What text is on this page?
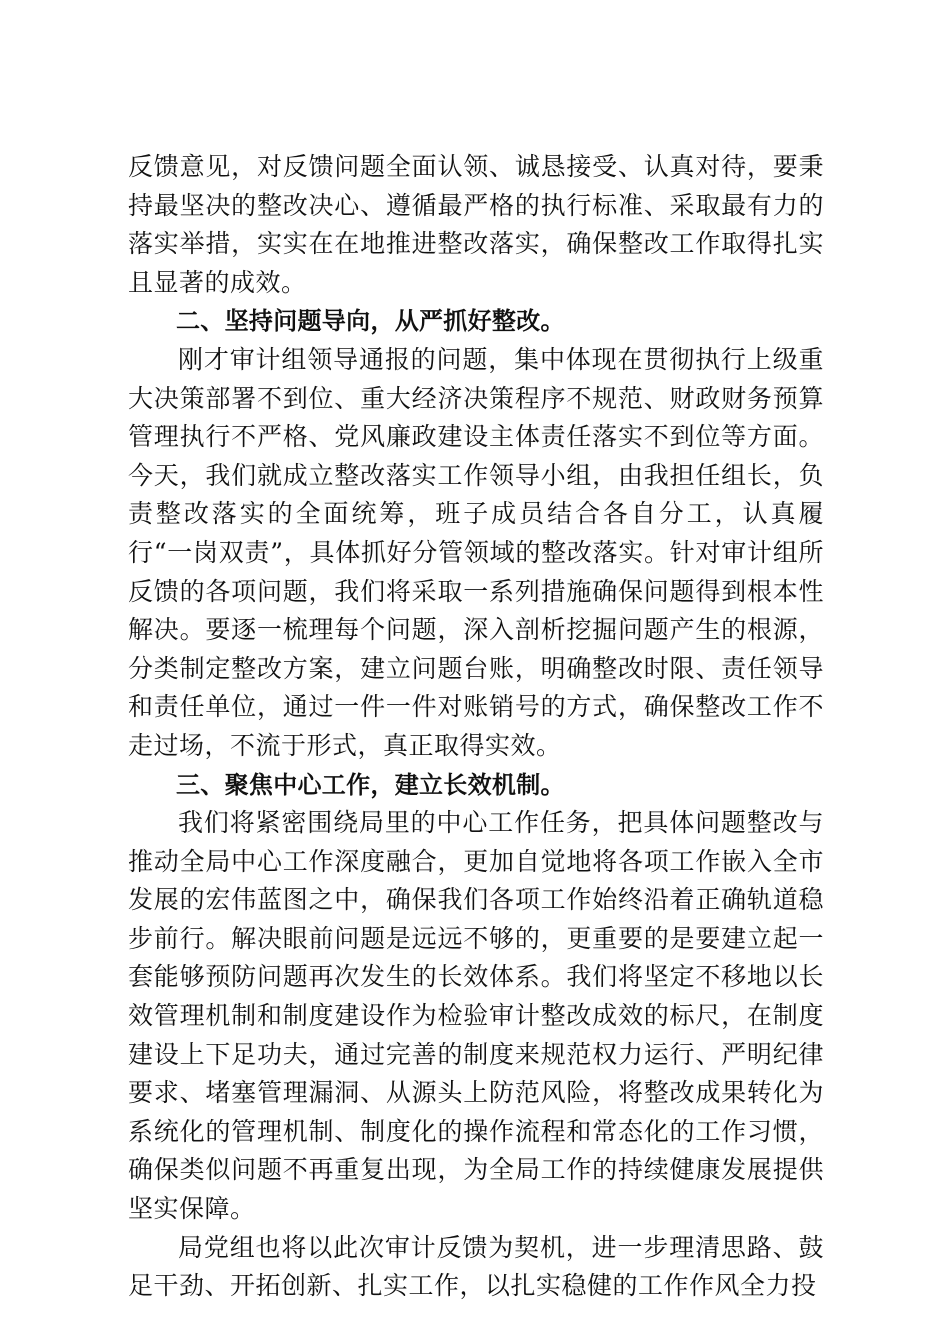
反馈意见，对反馈问题全面认领、诚恳接受、认真对待，要秉持最坚决的整改决心、遵循最严格的执行标准、采取最有力的落实举措，实实在在地推进整改落实，确保整改工作取得扎实且显著的成效。

二、坚持问题导向，从严抓好整改。

刚才审计组领导通报的问题，集中体现在贯彻执行上级重大决策部署不到位、重大经济决策程序不规范、财政财务预算管理执行不严格、党风廉政建设主体责任落实不到位等方面。今天，我们就成立整改落实工作领导小组，由我担任组长，负责整改落实的全面统筹，班子成员结合各自分工，认真履行“一岗双责”，具体抓好分管领域的整改落实。针对审计组所反馈的各项问题，我们将采取一系列措施确保问题得到根本性解决。要逐一梳理每个问题，深入剖析挖掘问题产生的根源，分类制定整改方案，建立问题台账，明确整改时限、责任领导和责任单位，通过一件一件对账销号的方式，确保整改工作不走过场，不流于形式，真正取得实效。

三、聚焦中心工作，建立长效机制。

我们将紧密围绕局里的中心工作任务，把具体问题整改与推动全局中心工作深度融合，更加自觉地将各项工作嵌入全市发展的宏伟蓝图之中，确保我们各项工作始终沿着正确轨道稳步前行。解决眼前问题是远远不够的，更重要的是要建立起一套能够预防问题再次发生的长效体系。我们将坚定不移地以长效管理机制和制度建设作为检验审计整改成效的标尺，在制度建设上下足功夫，通过完善的制度来规范权力运行、严明纪律要求、堵塞管理漏洞、从源头上防范风险，将整改成果转化为系统化的管理机制、制度化的操作流程和常态化的工作习惯，确保类似问题不再重复出现，为全局工作的持续健康发展提供坚实保障。

局党组也将以此次审计反馈为契机，进一步理清思路、鼓足干劲、开拓创新、扎实工作，以扎实稳健的工作作风全力投
